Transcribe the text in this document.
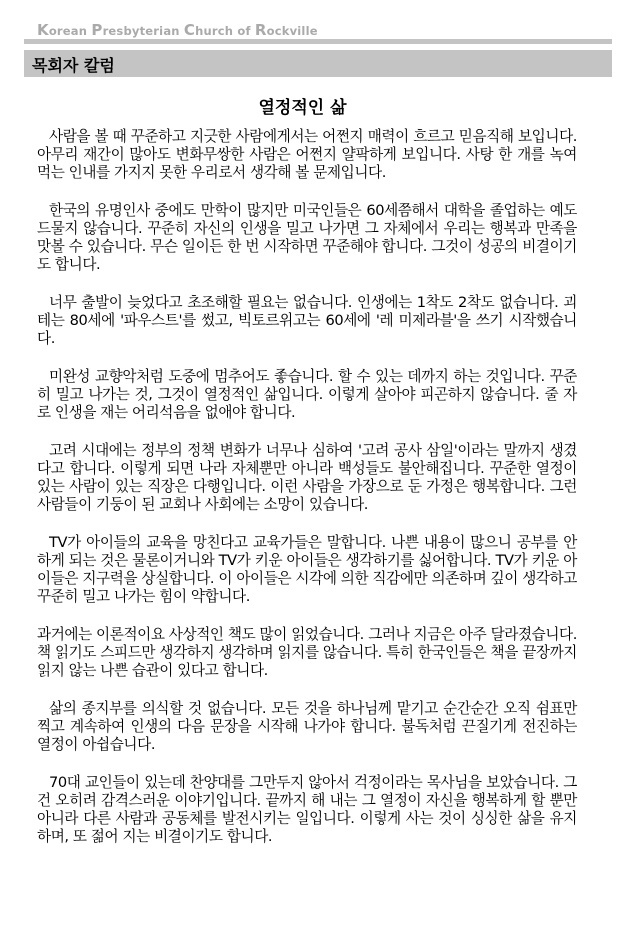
Korean Presbyterian Church of Rockville
목회자 칼럼
열정적인 삶

사람을 볼 때 꾸준하고 지긋한 사람에게서는 어쩐지 매력이 흐르고 믿음직해 보입니다. 아무리 재간이 많아도 변화무쌍한 사람은 어쩐지 얄팍하게 보입니다. 사탕 한 개를 녹여 먹는 인내를 가지지 못한 우리로서 생각해 볼 문제입니다.

한국의 유명인사 중에도 만학이 많지만 미국인들은 60세쯤해서 대학을 졸업하는 예도 드물지 않습니다. 꾸준히 자신의 인생을 밀고 나가면 그 자체에서 우리는 행복과 만족을 맛볼 수 있습니다. 무슨 일이든 한 번 시작하면 꾸준해야 합니다. 그것이 성공의 비결이기도 합니다.

너무 출발이 늦었다고 초조해할 필요는 없습니다. 인생에는 1착도 2착도 없습니다. 괴테는 80세에 '파우스트'를 썼고, 빅토르위고는 60세에 '레 미제라블'을 쓰기 시작했습니다.

미완성 교향악처럼 도중에 멈추어도 좋습니다. 할 수 있는 데까지 하는 것입니다. 꾸준히 밀고 나가는 것, 그것이 열정적인 삶입니다. 이렇게 살아야 피곤하지 않습니다. 줄 자로 인생을 재는 어리석음을 없애야 합니다.

고려 시대에는 정부의 정책 변화가 너무나 심하여 '고려 공사 삼일'이라는 말까지 생겼다고 합니다. 이렇게 되면 나라 자체뿐만 아니라 백성들도 불안해집니다. 꾸준한 열정이 있는 사람이 있는 직장은 다행입니다. 이런 사람을 가장으로 둔 가정은 행복합니다. 그런 사람들이 기둥이 된 교회나 사회에는 소망이 있습니다.

TV가 아이들의 교육을 망친다고 교육가들은 말합니다. 나쁜 내용이 많으니 공부를 안 하게 되는 것은 물론이거니와 TV가 키운 아이들은 생각하기를 싫어합니다. TV가 키운 아이들은 지구력을 상실합니다. 이 아이들은 시각에 의한 직감에만 의존하며 깊이 생각하고 꾸준히 밀고 나가는 힘이 약합니다.

과거에는 이론적이요 사상적인 책도 많이 읽었습니다. 그러나 지금은 아주 달라졌습니다. 책 읽기도 스피드만 생각하지 생각하며 읽지를 않습니다. 특히 한국인들은 책을 끝장까지 읽지 않는 나쁜 습관이 있다고 합니다.

삶의 종지부를 의식할 것 없습니다. 모든 것을 하나님께 맡기고 순간순간 오직 쉼표만 찍고 계속하여 인생의 다음 문장을 시작해 나가야 합니다. 불독처럼 끈질기게 전진하는 열정이 아쉽습니다.

70대 교인들이 있는데 찬양대를 그만두지 않아서 걱정이라는 목사님을 보았습니다. 그건 오히려 감격스러운 이야기입니다. 끝까지 해 내는 그 열정이 자신을 행복하게 할 뿐만 아니라 다른 사람과 공동체를 발전시키는 일입니다. 이렇게 사는 것이 싱싱한 삶을 유지하며, 또 젊어 지는 비결이기도 합니다.
